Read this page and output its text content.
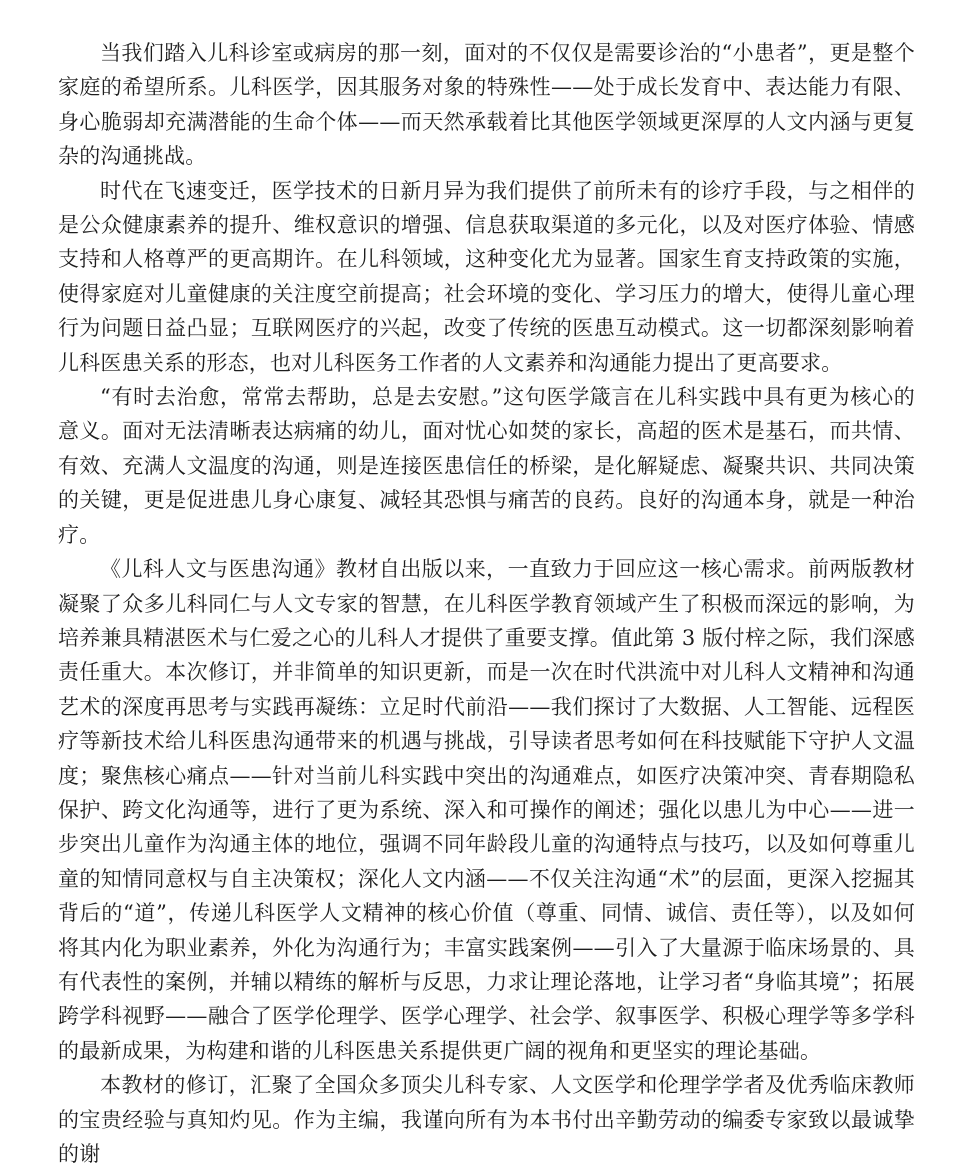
当我们踏入儿科诊室或病房的那一刻，面对的不仅仅是需要诊治的“小患者”，更是整个家庭的希望所系。儿科医学，因其服务对象的特殊性——处于成长发育中、表达能力有限、身心脆弱却充满潜能的生命个体——而天然承载着比其他医学领域更深厚的人文内涵与更复杂的沟通挑战。

时代在飞速变迁，医学技术的日新月异为我们提供了前所未有的诊疗手段，与之相伴的是公众健康素养的提升、维权意识的增强、信息获取渠道的多元化，以及对医疗体验、情感支持和人格尊严的更高期许。在儿科领域，这种变化尤为显著。国家生育支持政策的实施，使得家庭对儿童健康的关注度空前提高；社会环境的变化、学习压力的增大，使得儿童心理行为问题日益凸显；互联网医疗的兴起，改变了传统的医患互动模式。这一切都深刻影响着儿科医患关系的形态，也对儿科医务工作者的人文素养和沟通能力提出了更高要求。

“有时去治愈，常常去帮助，总是去安慰。”这句医学箴言在儿科实践中具有更为核心的意义。面对无法清晰表达病痛的幼儿，面对忧心如焚的家长，高超的医术是基石，而共情、有效、充满人文温度的沟通，则是连接医患信任的桥梁，是化解疑虑、凝聚共识、共同决策的关键，更是促进患儿身心康复、减轻其恐惧与痛苦的良药。良好的沟通本身，就是一种治疗。

《儿科人文与医患沟通》教材自出版以来，一直致力于回应这一核心需求。前两版教材凝聚了众多儿科同仁与人文专家的智慧，在儿科医学教育领域产生了积极而深远的影响，为培养兼具精湛医术与仁爱之心的儿科人才提供了重要支撑。值此第 3 版付梓之际，我们深感责任重大。本次修订，并非简单的知识更新，而是一次在时代洪流中对儿科人文精神和沟通艺术的深度再思考与实践再凝练：立足时代前沿——我们探讨了大数据、人工智能、远程医疗等新技术给儿科医患沟通带来的机遇与挑战，引导读者思考如何在科技赋能下守护人文温度；聚焦核心痛点——针对当前儿科实践中突出的沟通难点，如医疗决策冲突、青春期隐私保护、跨文化沟通等，进行了更为系统、深入和可操作的阐述；强化以患儿为中心——进一步突出儿童作为沟通主体的地位，强调不同年龄段儿童的沟通特点与技巧，以及如何尊重儿童的知情同意权与自主决策权；深化人文内涵——不仅关注沟通“术”的层面，更深入挖掘其背后的“道”，传递儿科医学人文精神的核心价值（尊重、同情、诚信、责任等），以及如何将其内化为职业素养，外化为沟通行为；丰富实践案例——引入了大量源于临床场景的、具有代表性的案例，并辅以精练的解析与反思，力求让理论落地，让学习者“身临其境”；拓展跨学科视野——融合了医学伦理学、医学心理学、社会学、叙事医学、积极心理学等多学科的最新成果，为构建和谐的儿科医患关系提供更广阔的视角和更坚实的理论基础。

本教材的修订，汇聚了全国众多顶尖儿科专家、人文医学和伦理学学者及优秀临床教师的宝贵经验与真知灼见。作为主编，我谨向所有为本书付出辛勤劳动的编委专家致以最诚挚的谢
